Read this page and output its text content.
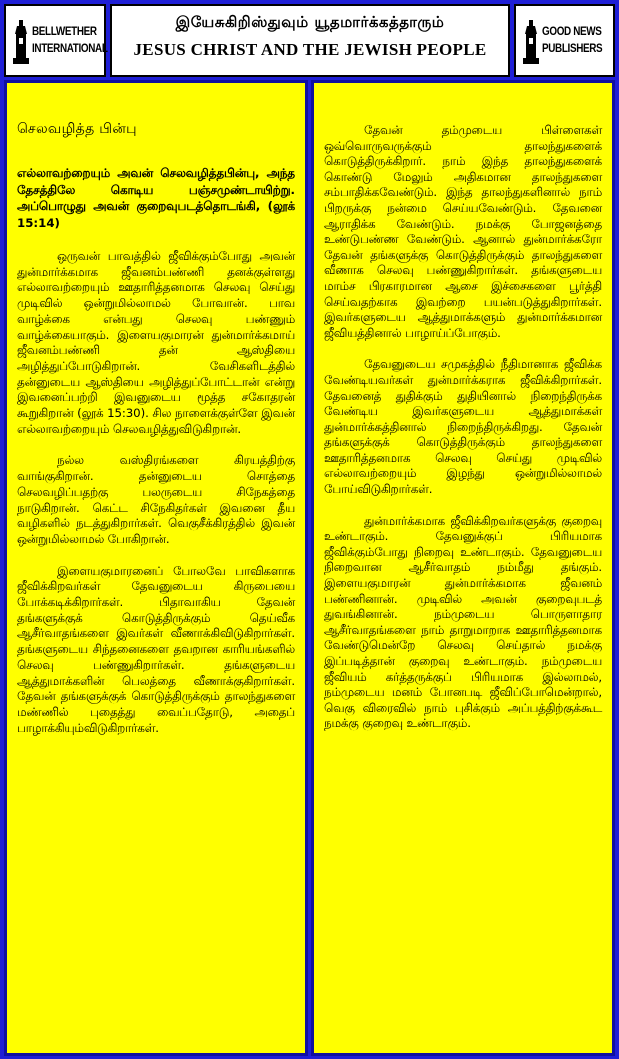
BELLWETHER
INTERNATIONAL
இயேசுகிறிஸ்துவும் யூதமார்க்கத்தாரும்
JESUS CHRIST AND THE JEWISH PEOPLE
GOOD NEWS
PUBLISHERS
செலவழித்த பின்பு
எல்லாவற்றையும் அவன் செலவழித்தபின்பு, அந்த தேசத்திலே கொடிய பஞ்சமுண்டாயிற்று. அப்பொழுது அவன் குறைவுபடத்தொடங்கி, (லூக் 15:14)

ஒருவன் பாவத்தில் ஜீவிக்கும்போது அவன் துன்மார்க்கமாக ஜீவனம்பண்ணி தனக்குள்ளது எல்லாவற்றையும் ஊதாரித்தனமாக செலவு செய்து முடிவில் ஒன்றுமில்லாமல் போவான். பாவ வாழ்க்கை என்பது செலவு பண்ணும் வாழ்க்கையாகும். இளையகுமாரன் துன்மார்க்கமாய் ஜீவனம்பண்ணி தன் ஆஸ்தியை அழித்துப்போடுகிறான். வேசிகளிடத்தில் தன்னுடைய ஆஸ்தியை அழித்துப்போட்டான் என்று இவனைப்பற்றி இவனுடைய மூத்த சகோதரன் கூறுகிறான் (லூக் 15:30). சில நாளைக்குள்ளே இவன் எல்லாவற்றையும் செலவழித்துவிடுகிறான்.

நல்ல வஸ்திரங்களை கிரயத்திற்கு வாங்குகிறான். தன்னுடைய சொத்தை செலவழிப்பதற்கு பலருடைய சிநேகத்தை நாடுகிறான். கெட்ட சிநேகிதர்கள் இவனை தீய வழிகளில் நடத்துகிறார்கள். வெகுசீக்கிரத்தில் இவன் ஒன்றுமில்லாமல் போகிறான்.

இளையகுமாரனைப் போலவே பாவிகளாக ஜீவிக்கிறவர்கள் தேவனுடைய கிருபையை போக்கடிக்கிறார்கள். பிதாவாகிய தேவன் தங்களுக்குக் கொடுத்திருக்கும் தெய்வீக ஆசீர்வாதங்களை இவர்கள் வீணாக்கிவிடுகிறார்கள். தங்களுடைய சிந்தனைகளை தவறான காரியங்களில் செலவு பண்ணுகிறார்கள். தங்களுடைய ஆத்துமாக்களின் பெலத்தை வீணாக்குகிறார்கள். தேவன் தங்களுக்குக் கொடுத்திருக்கும் தாலந்துகளை மண்ணில் புதைத்து வைப்பதோடு, அதைப் பாழாக்கியும்விடுகிறார்கள்.

தேவன் தம்முடைய பிள்ளைகள் ஒவ்வொருவருக்கும் தாலந்துகளைக் கொடுத்திருக்கிறார். நாம் இந்த தாலந்துகளைக் கொண்டு மேலும் அதிகமான தாலந்துகளை சம்பாதிக்கவேண்டும். இந்த தாலந்துகளினால் நாம் பிறருக்கு நன்மை செய்யவேண்டும். தேவனை ஆராதிக்க வேண்டும். நமக்கு போஜனத்தை உண்டுபண்ண வேண்டும். ஆனால் துன்மார்க்கரோ தேவன் தங்களுக்கு கொடுத்திருக்கும் தாலந்துகளை வீணாக செலவு பண்ணுகிறார்கள். தங்களுடைய மாம்ச பிரகாரமான ஆசை இச்சைகளை பூர்த்தி செய்வதற்காக இவற்றை பயன்படுத்துகிறார்கள். இவர்களுடைய ஆத்துமாக்களும் துன்மார்க்கமான ஜீவியத்தினால் பாழாய்ப்போகும்.

தேவனுடைய சமுகத்தில் நீதிமானாக ஜீவிக்க வேண்டியவர்கள் துன்மார்க்கராக ஜீவிக்கிறார்கள். தேவனைத் துதிக்கும் துதியினால் நிறைந்திருக்க வேண்டிய இவர்களுடைய ஆத்துமாக்கள் துன்மார்க்கத்தினால் நிறைந்திருக்கிறது. தேவன் தங்களுக்குக் கொடுத்திருக்கும் தாலந்துகளை ஊதாரித்தனமாக செலவு செய்து முடிவில் எல்லாவற்றையும் இழந்து ஒன்றுமில்லாமல் போய்விடுகிறார்கள்.

துன்மார்க்கமாக ஜீவிக்கிறவர்களுக்கு குறைவு உண்டாகும். தேவனுக்குப் பிரியமாக ஜீவிக்கும்போது நிறைவு உண்டாகும். தேவனுடைய நிறைவான ஆசீர்வாதம் நம்மீது தங்கும். இளையகுமாரன் துன்மார்க்கமாக ஜீவனம் பண்ணினான். முடிவில் அவன் குறைவுபடத் துவங்கினான். நம்முடைய பொருளாதார ஆசீர்வாதங்களை நாம் தாறுமாறாக ஊதாரித்தனமாக வேண்டுமென்றே செலவு செய்தால் நமக்கு இப்படித்தான் குறைவு உண்டாகும். நம்முடைய ஜீவியம் கர்த்தருக்குப் பிரியமாக இல்லாமல், நம்முடைய மனம் போனபடி ஜீவிப்போமென்றால், வெகு விரைவில் நாம் புசிக்கும் அப்பத்திற்குக்கூட நமக்கு குறைவு உண்டாகும்.
